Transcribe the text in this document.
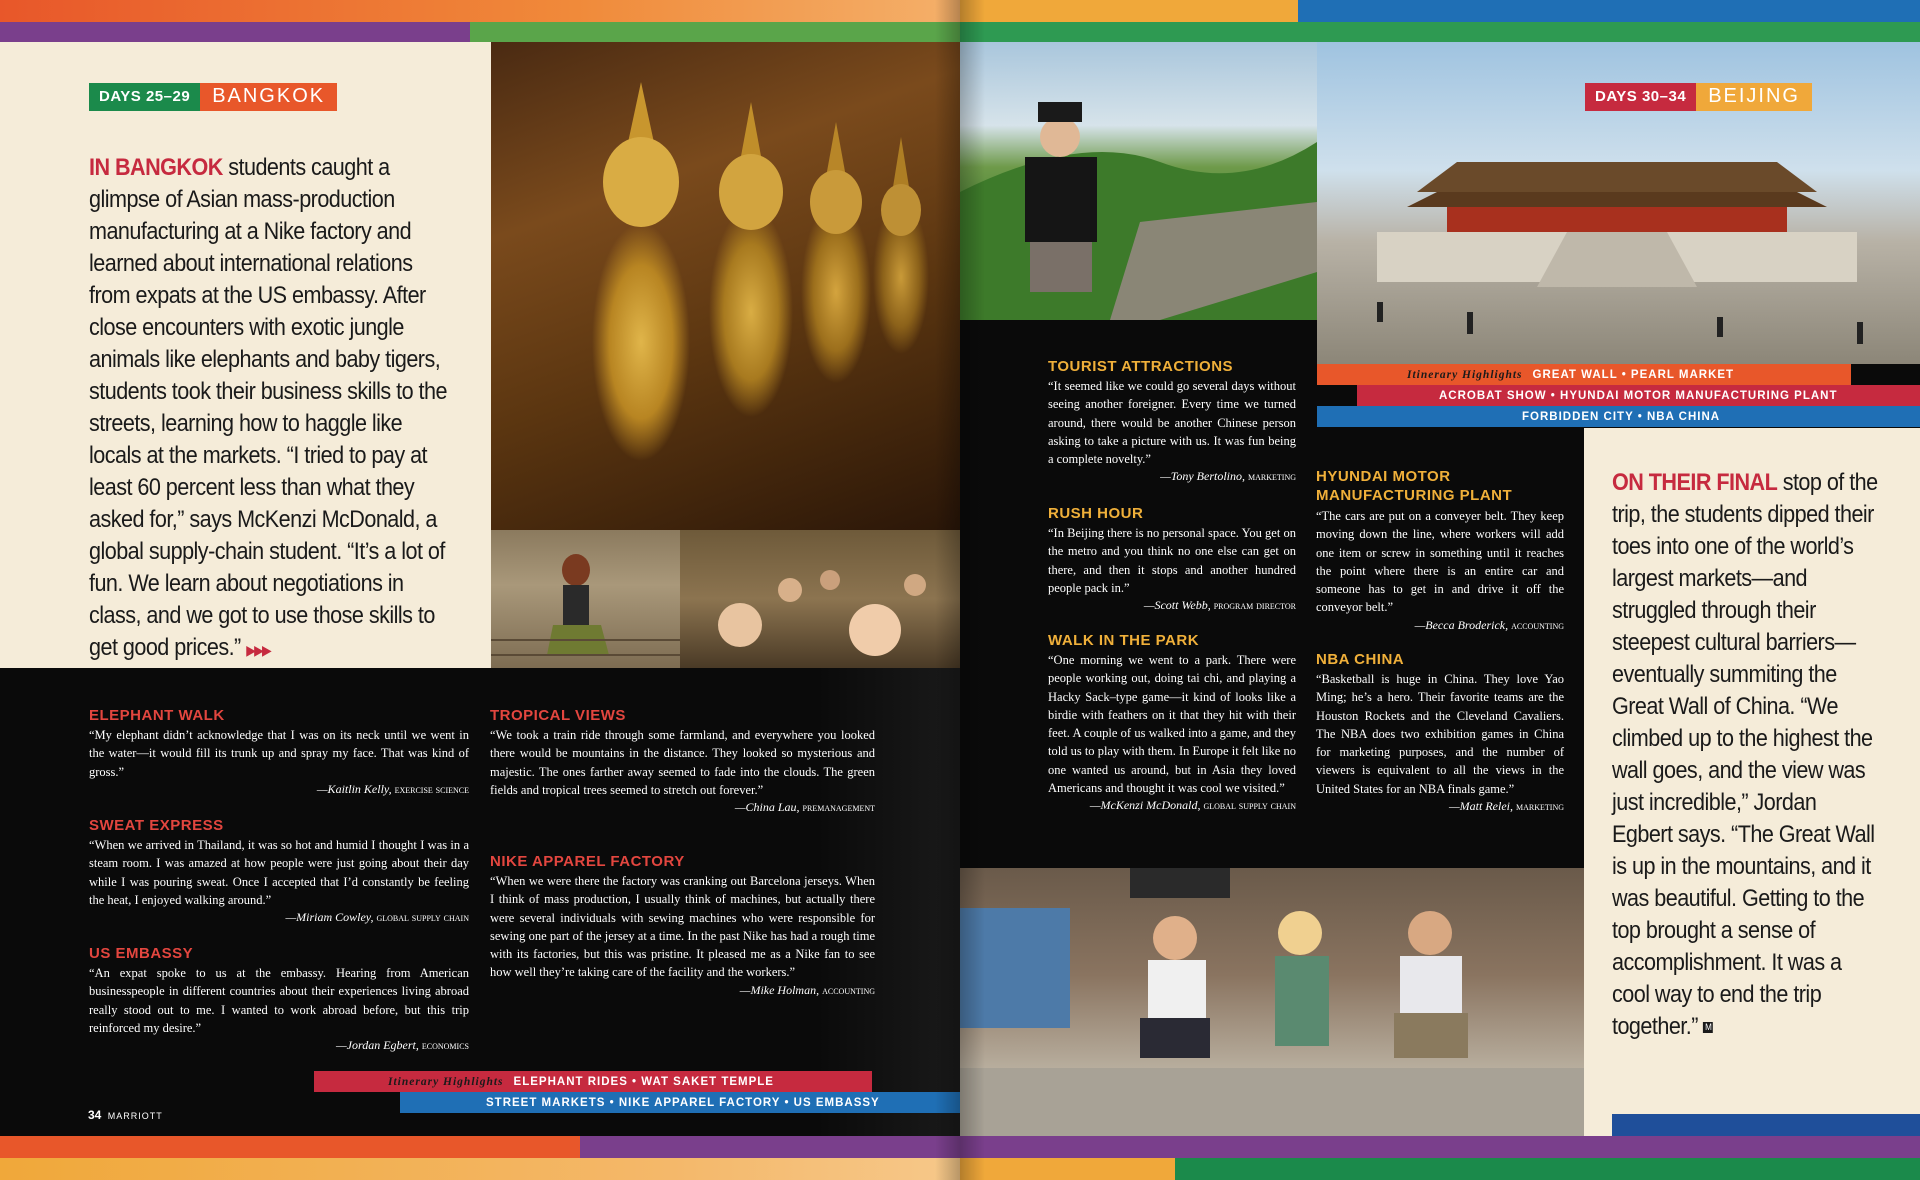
DAYS 25–29	BANGKOK
IN BANGKOK students caught a glimpse of Asian mass-production manufacturing at a Nike factory and learned about international relations from expats at the US embassy. After close encounters with exotic jungle animals like elephants and baby tigers, students took their business skills to the streets, learning how to haggle like locals at the markets. “I tried to pay at least 60 percent less than what they asked for,” says McKenzi McDonald, a global supply-chain student. “It’s a lot of fun. We learn about negotiations in class, and we got to use those skills to get good prices.” ▶▶▶
ELEPHANT WALK
“My elephant didn’t acknowledge that I was on its neck until we went in the water—it would fill its trunk up and spray my face. That was kind of gross.”
—Kaitlin Kelly, exercise science
SWEAT EXPRESS
“When we arrived in Thailand, it was so hot and humid I thought I was in a steam room. I was amazed at how people were just going about their day while I was pouring sweat. Once I accepted that I’d constantly be feeling the heat, I enjoyed walking around.”
—Miriam Cowley, global supply chain
US EMBASSY
“An expat spoke to us at the embassy. Hearing from American businesspeople in different countries about their experiences living abroad really stood out to me. I wanted to work abroad before, but this trip reinforced my desire.”
—Jordan Egbert, economics
TROPICAL VIEWS
“We took a train ride through some farmland, and everywhere you looked there would be mountains in the distance. They looked so mysterious and majestic. The ones farther away seemed to fade into the clouds. The green fields and tropical trees seemed to stretch out forever.”
—China Lau, premanagement
NIKE APPAREL FACTORY
“When we were there the factory was cranking out Barcelona jerseys. When I think of mass production, I usually think of machines, but actually there were several individuals with sewing machines who were responsible for sewing one part of the jersey at a time. In the past Nike has had a rough time with its factories, but this was pristine. It pleased me as a Nike fan to see how well they’re taking care of the facility and the workers.”
—Mike Holman, accounting
Itinerary Highlights ELEPHANT RIDES • WAT SAKET TEMPLE
STREET MARKETS • NIKE APPAREL FACTORY • US EMBASSY
34 MARRIOTT
DAYS 30–34	BEIJING
Itinerary Highlights GREAT WALL • PEARL MARKET
ACROBAT SHOW • HYUNDAI MOTOR MANUFACTURING PLANT
FORBIDDEN CITY • NBA CHINA
TOURIST ATTRACTIONS
“It seemed like we could go several days without seeing another foreigner. Every time we turned around, there would be another Chinese person asking to take a picture with us. It was fun being a complete novelty.”
—Tony Bertolino, marketing
RUSH HOUR
“In Beijing there is no personal space. You get on the metro and you think no one else can get on there, and then it stops and another hundred people pack in.”
—Scott Webb, program director
WALK IN THE PARK
“One morning we went to a park. There were people working out, doing tai chi, and playing a Hacky Sack–type game—it kind of looks like a birdie with feathers on it that they hit with their feet. A couple of us walked into a game, and they told us to play with them. In Europe it felt like no one wanted us around, but in Asia they loved Americans and thought it was cool we visited.”
—McKenzi McDonald, global supply chain
HYUNDAI MOTOR MANUFACTURING PLANT
“The cars are put on a conveyer belt. They keep moving down the line, where workers will add one item or screw in something until it reaches the point where there is an entire car and someone has to get in and drive it off the conveyor belt.”
—Becca Broderick, accounting
NBA CHINA
“Basketball is huge in China. They love Yao Ming; he’s a hero. Their favorite teams are the Houston Rockets and the Cleveland Cavaliers. The NBA does two exhibition games in China for marketing purposes, and the number of viewers is equivalent to all the views in the United States for an NBA finals game.”
—Matt Relei, marketing
ON THEIR FINAL stop of the trip, the students dipped their toes into one of the world’s largest markets—and struggled through their steepest cultural barriers—eventually summiting the Great Wall of China. “We climbed up to the highest the wall goes, and the view was just incredible,” Jordan Egbert says. “The Great Wall is up in the mountains, and it was beautiful. Getting to the top brought a sense of accomplishment. It was a cool way to end the trip together.” M
